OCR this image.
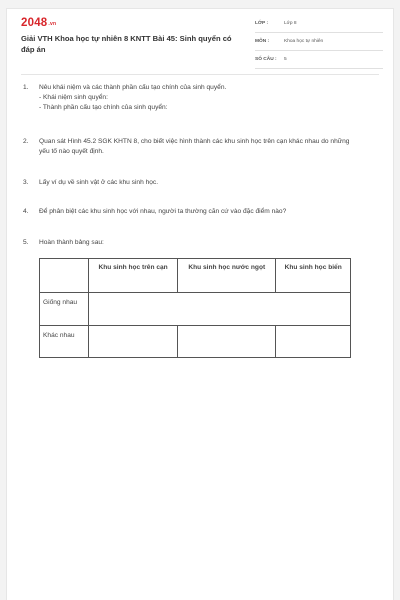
$2048^{.vn}$
Giải VTH Khoa học tự nhiên 8 KNTT Bài 45: Sinh quyển có đáp án
LỚP :	Lớp 8
MÔN :	Khoa học tự nhiên
SỐ CÂU : 5
1. Nêu khái niệm và các thành phần cấu tạo chính của sinh quyển.
- Khái niệm sinh quyển:
- Thành phần cấu tạo chính của sinh quyển:
2. Quan sát Hình 45.2 SGK KHTN 8, cho biết việc hình thành các khu sinh học trên cạn khác nhau do những yếu tố nào quyết định.
3. Lấy ví dụ về sinh vật ở các khu sinh học.
4. Để phân biệt các khu sinh học với nhau, người ta thường căn cứ vào đặc điểm nào?
5. Hoàn thành bảng sau:
	Khu sinh học trên cạn	Khu sinh học nước ngọt	Khu sinh học biển
Giống nhau			
Khác nhau			
